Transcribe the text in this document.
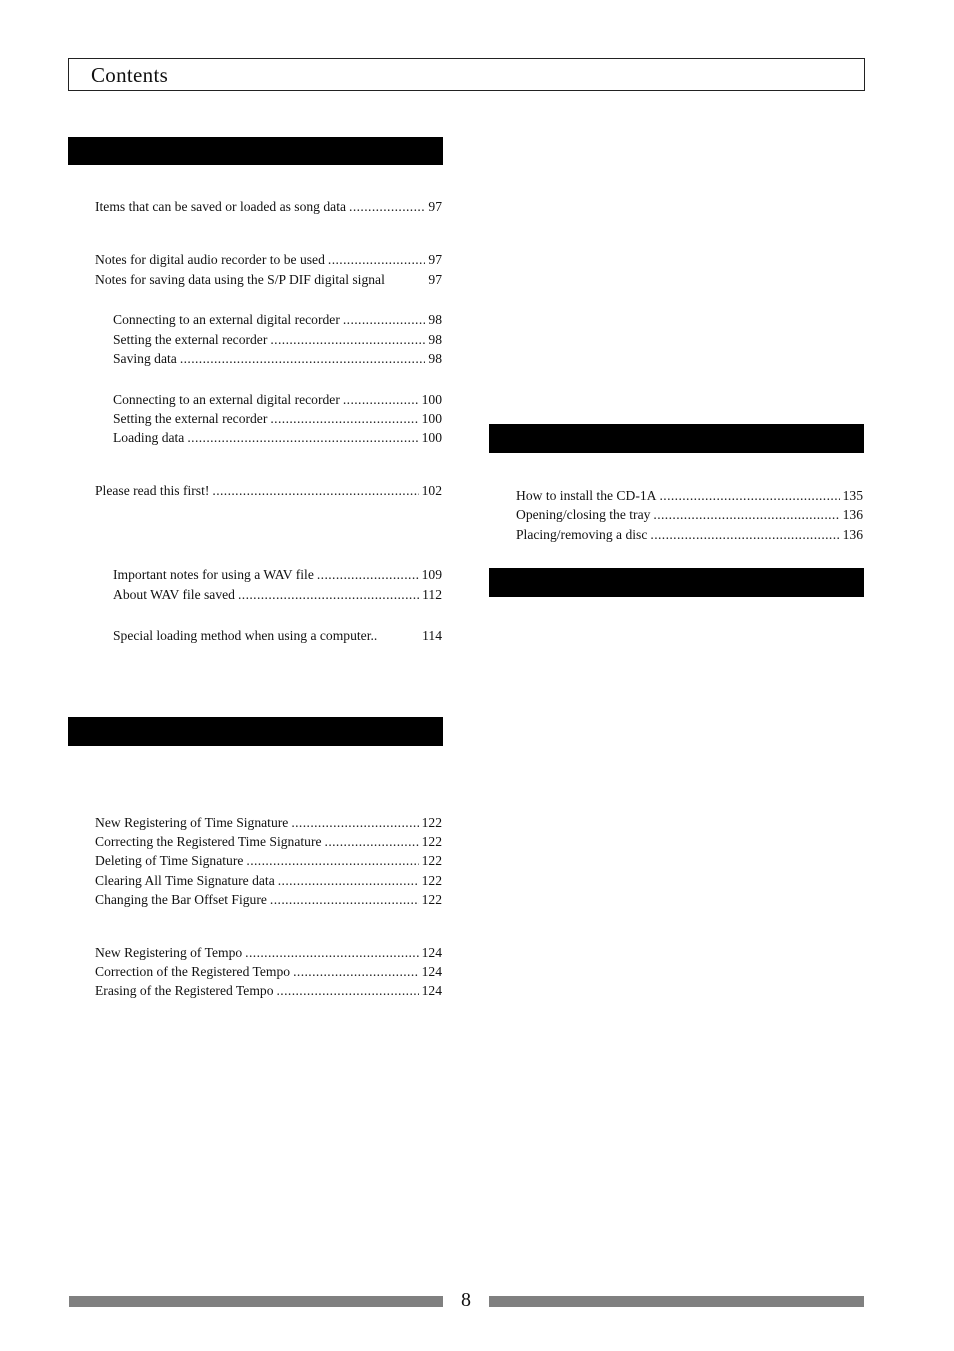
Contents
Items that can be saved or loaded as song data .....	97
Notes for digital audio recorder to be used .....	97
Notes for saving data using the S/P DIF digital signal	97
Connecting to an external digital recorder .....	98
Setting the external recorder .....	98
Saving data .....	98
Connecting to an external digital recorder .....	100
Setting the external recorder .....	100
Loading data .....	100
Please read this first! .....	102
Important notes for using a WAV file .....	109
About WAV file saved .....	112
Special loading method when using a computer..	114
New Registering of Time Signature .....	122
Correcting the Registered Time Signature .....	122
Deleting of Time Signature .....	122
Clearing All Time Signature data .....	122
Changing the Bar Offset Figure .....	122
New Registering of Tempo .....	124
Correction of the Registered Tempo .....	124
Erasing of the Registered Tempo .....	124
How to install the CD-1A .....	135
Opening/closing the tray .....	136
Placing/removing a disc .....	136
8
